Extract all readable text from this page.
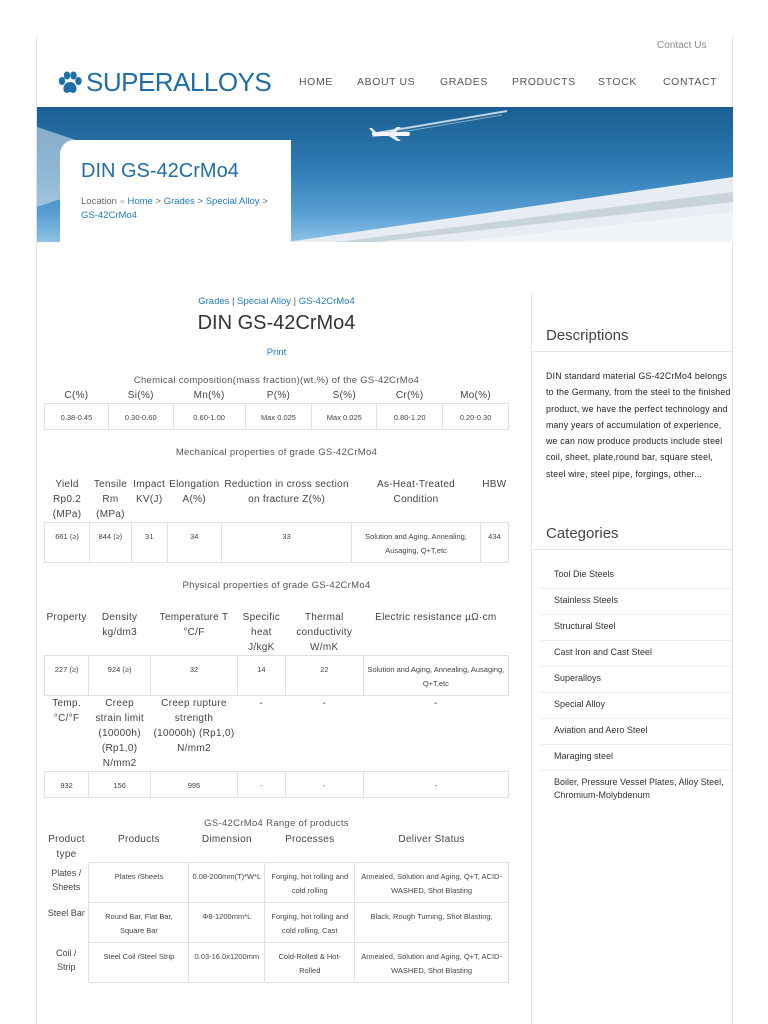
Contact Us
SUPERALLOYS	HOME ABOUT US GRADES PRODUCTS STOCK CONTACT
DIN GS-42CrMo4
Location » Home > Grades > Special Alloy > GS-42CrMo4
Grades | Special Alloy | GS-42CrMo4
DIN GS-42CrMo4
Print
Chemical composition(mass fraction)(wt.%) of the GS-42CrMo4
C(%)	Si(%)	Mn(%)	P(%)	S(%)	Cr(%)	Mo(%)
0.38-0.45	0.30-0.60	0.60-1.00	Max 0.025	Max 0.025	0.80-1.20	0.20-0.30
Mechanical properties of grade GS-42CrMo4
Yield Rp0.2 (MPa)	Tensile Rm (MPa)	Impact KV(J)	Elongation A(%)	Reduction in cross section on fracture Z(%)	As-Heat-Treated Condition	HBW
661 (≥)	844 (≥)	31	34	33	Solution and Aging, Annealing, Ausaging, Q+T,etc	434
Physical properties of grade GS-42CrMo4
Property	Density kg/dm3	Temperature T °C/F	Specific heat J/kgK	Thermal conductivity W/mK	Electric resistance µΩ·cm
227 (≥)	924 (≥)	32	14	22	Solution and Aging, Annealing, Ausaging, Q+T,etc
Temp. °C/°F	Creep strain limit (10000h) (Rp1,0) N/mm2	Creep rupture strength (10000h) (Rp1,0) N/mm2	-	-	-
932	156	995	-	-	-
GS-42CrMo4 Range of products
Product type	Products	Dimension	Processes	Deliver Status
Plates / Sheets	Plates /Sheets	0.08-200mm(T)*W*L	Forging, hot rolling and cold rolling	Annealed, Solution and Aging, Q+T, ACID-WASHED, Shot Blasting
Steel Bar	Round Bar, Flat Bar, Square Bar	Φ8-1200mm*L	Forging, hot rolling and cold rolling, Cast	Black, Rough Turning, Shot Blasting,
Coil / Strip	Steel Coil /Steel Strip	0.03-16.0x1200mm	Cold-Rolled & Hot-Rolled	Annealed, Solution and Aging, Q+T, ACID-WASHED, Shot Blasting
Descriptions
DIN standard material GS-42CrMo4 belongs to the Germany, from the steel to the finished product, we have the perfect technology and many years of accumulation of experience, we can now produce products include steel coil, sheet, plate,round bar, square steel, steel wire, steel pipe, forgings, other...
Categories
Tool Die Steels
Stainless Steels
Structural Steel
Cast Iron and Cast Steel
Superalloys
Special Alloy
Aviation and Aero Steel
Maraging steel
Boiler, Pressure Vessel Plates, Alloy Steel, Chromium-Molybdenum
